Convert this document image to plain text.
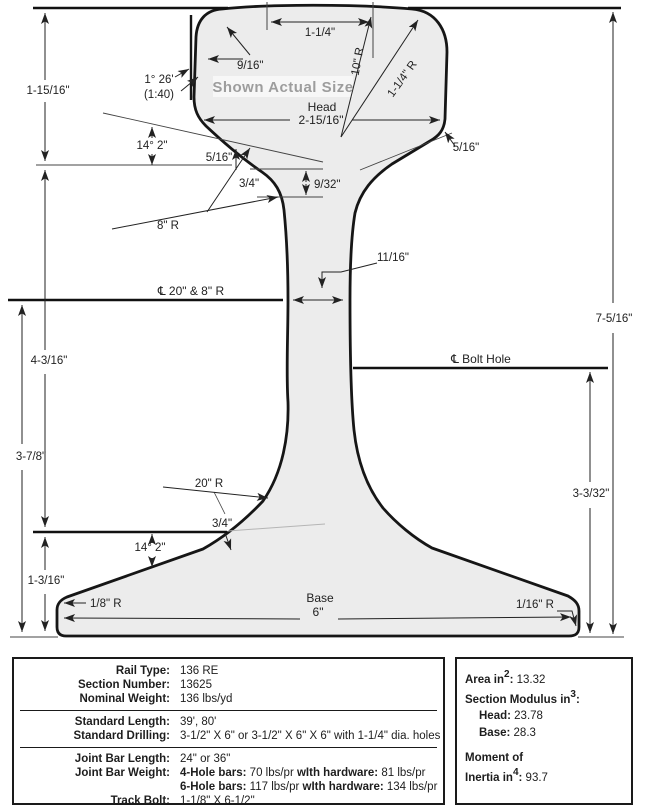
Shown Actual Size
1-1/4"
10" R 1-1/4" R
9/16"
1° 26'
(1:40)
Head
2-15/16"
1-15/16"
14° 2"
5/16"
3/4"	9/32"
8" R
5/16"
℄ 20" & 8" R
11/16"
7-5/16"
℄ Bolt Hole
4-3/16"
3-7/8"
20" R
3/4"
14° 2"
1-3/16"
1/8" R	Base
6"	1/16" R
3-3/32"
Rail Type: 136 RE
Section Number: 13625
Nominal Weight: 136 lbs/yd
Standard Length: 39', 80'
Standard Drilling: 3-1/2" X 6" or 3-1/2" X 6" X 6" with 1-1/4" dia. holes
Joint Bar Length: 24" or 36"
Joint Bar Weight: 4-Hole bars: 70 lbs/pr wIth hardware: 81 lbs/pr
6-Hole bars: 117 lbs/pr wIth hardware: 134 lbs/pr
Track Bolt: 1-1/8" X 6-1/2"
Area $in^2$: 13.32
Section Modulus $in^3$:
Head: 23.78
Base: 28.3
Moment of
Inertia $in^4$: 93.7
